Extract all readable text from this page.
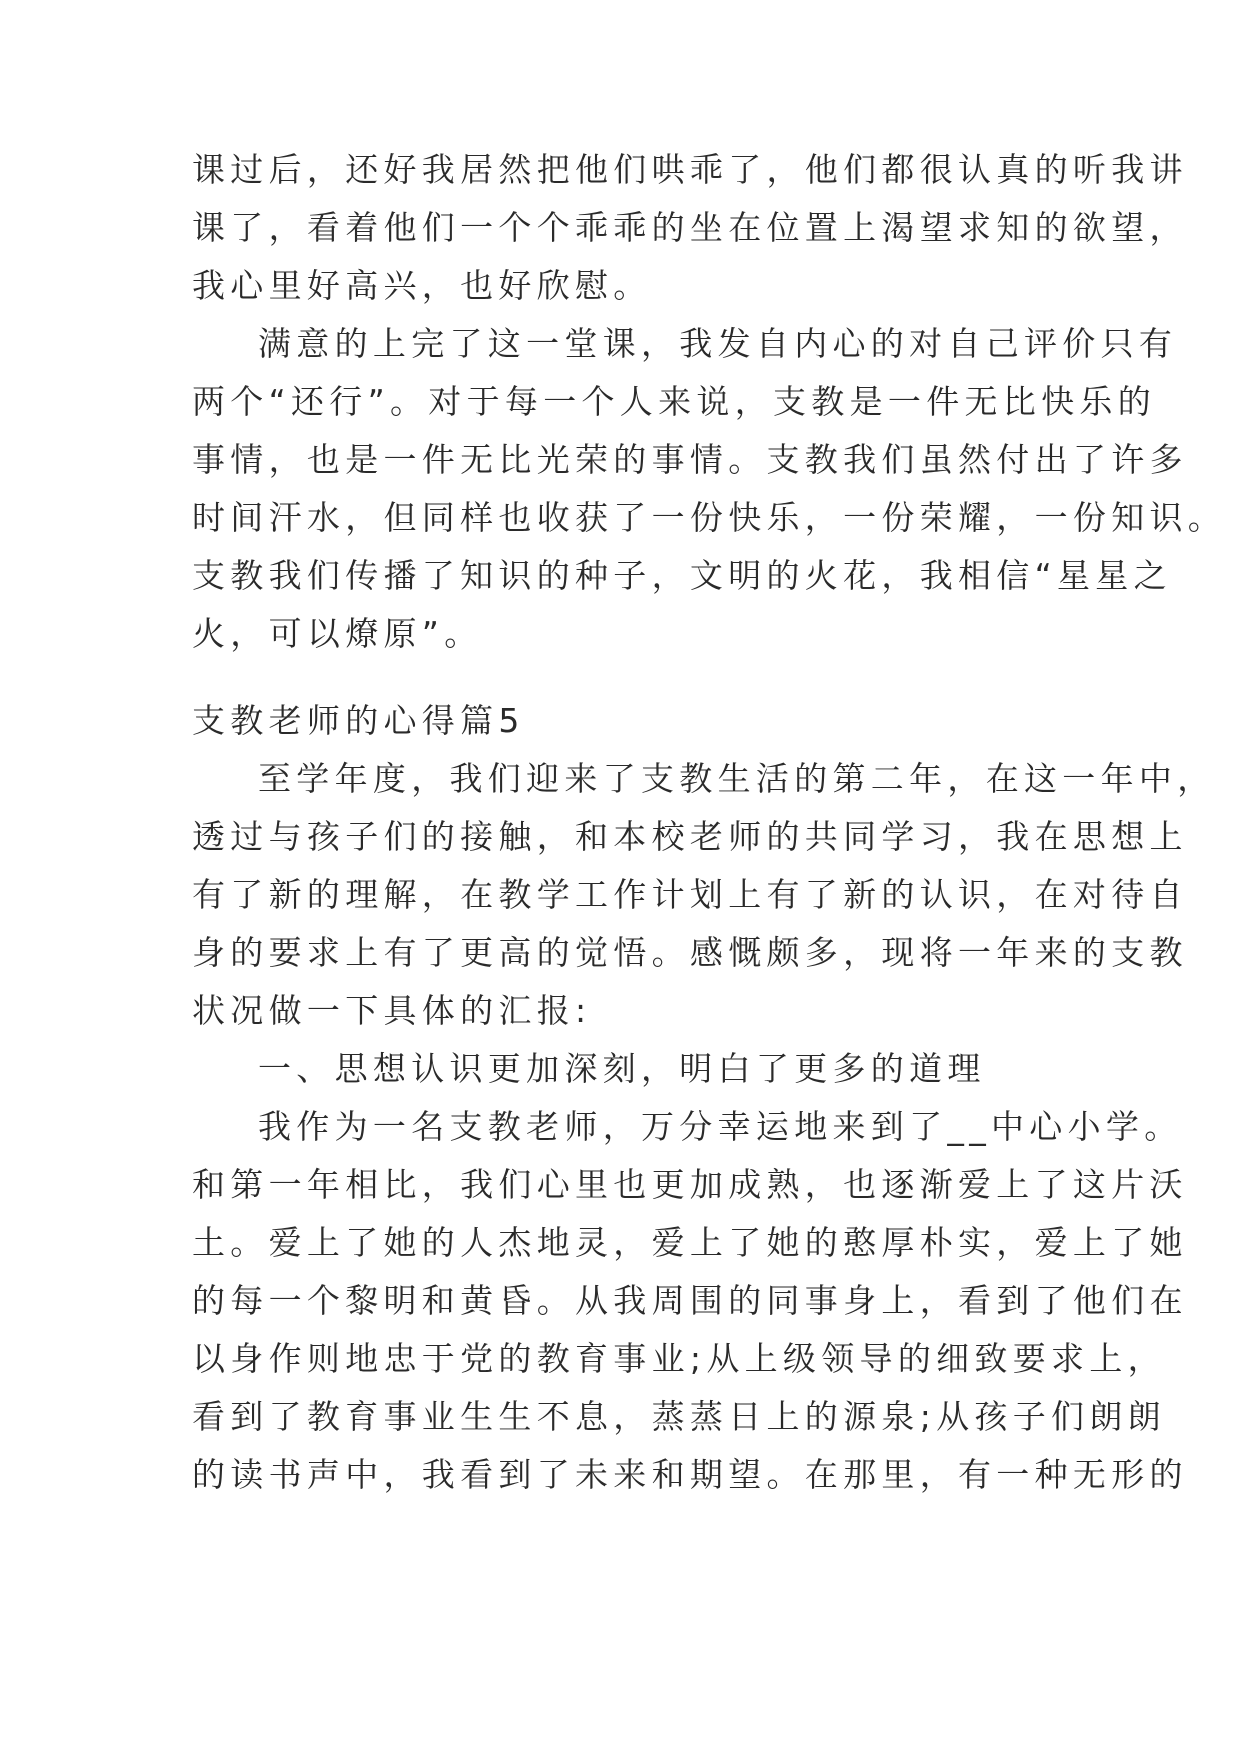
课过后，还好我居然把他们哄乖了，他们都很认真的听我讲
课了，看着他们一个个乖乖的坐在位置上渴望求知的欲望，
我心里好高兴，也好欣慰。
满意的上完了这一堂课，我发自内心的对自己评价只有
两个“还行”。对于每一个人来说，支教是一件无比快乐的
事情，也是一件无比光荣的事情。支教我们虽然付出了许多
时间汗水，但同样也收获了一份快乐，一份荣耀，一份知识。
支教我们传播了知识的种子，文明的火花，我相信“星星之
火，可以燎原”。
支教老师的心得篇5
至学年度，我们迎来了支教生活的第二年，在这一年中，
透过与孩子们的接触，和本校老师的共同学习，我在思想上
有了新的理解，在教学工作计划上有了新的认识，在对待自
身的要求上有了更高的觉悟。感慨颇多，现将一年来的支教
状况做一下具体的汇报:
一、思想认识更加深刻，明白了更多的道理
我作为一名支教老师，万分幸运地来到了__中心小学。
和第一年相比，我们心里也更加成熟，也逐渐爱上了这片沃
土。爱上了她的人杰地灵，爱上了她的憨厚朴实，爱上了她
的每一个黎明和黄昏。从我周围的同事身上，看到了他们在
以身作则地忠于党的教育事业;从上级领导的细致要求上，
看到了教育事业生生不息，蒸蒸日上的源泉;从孩子们朗朗
的读书声中，我看到了未来和期望。在那里，有一种无形的
